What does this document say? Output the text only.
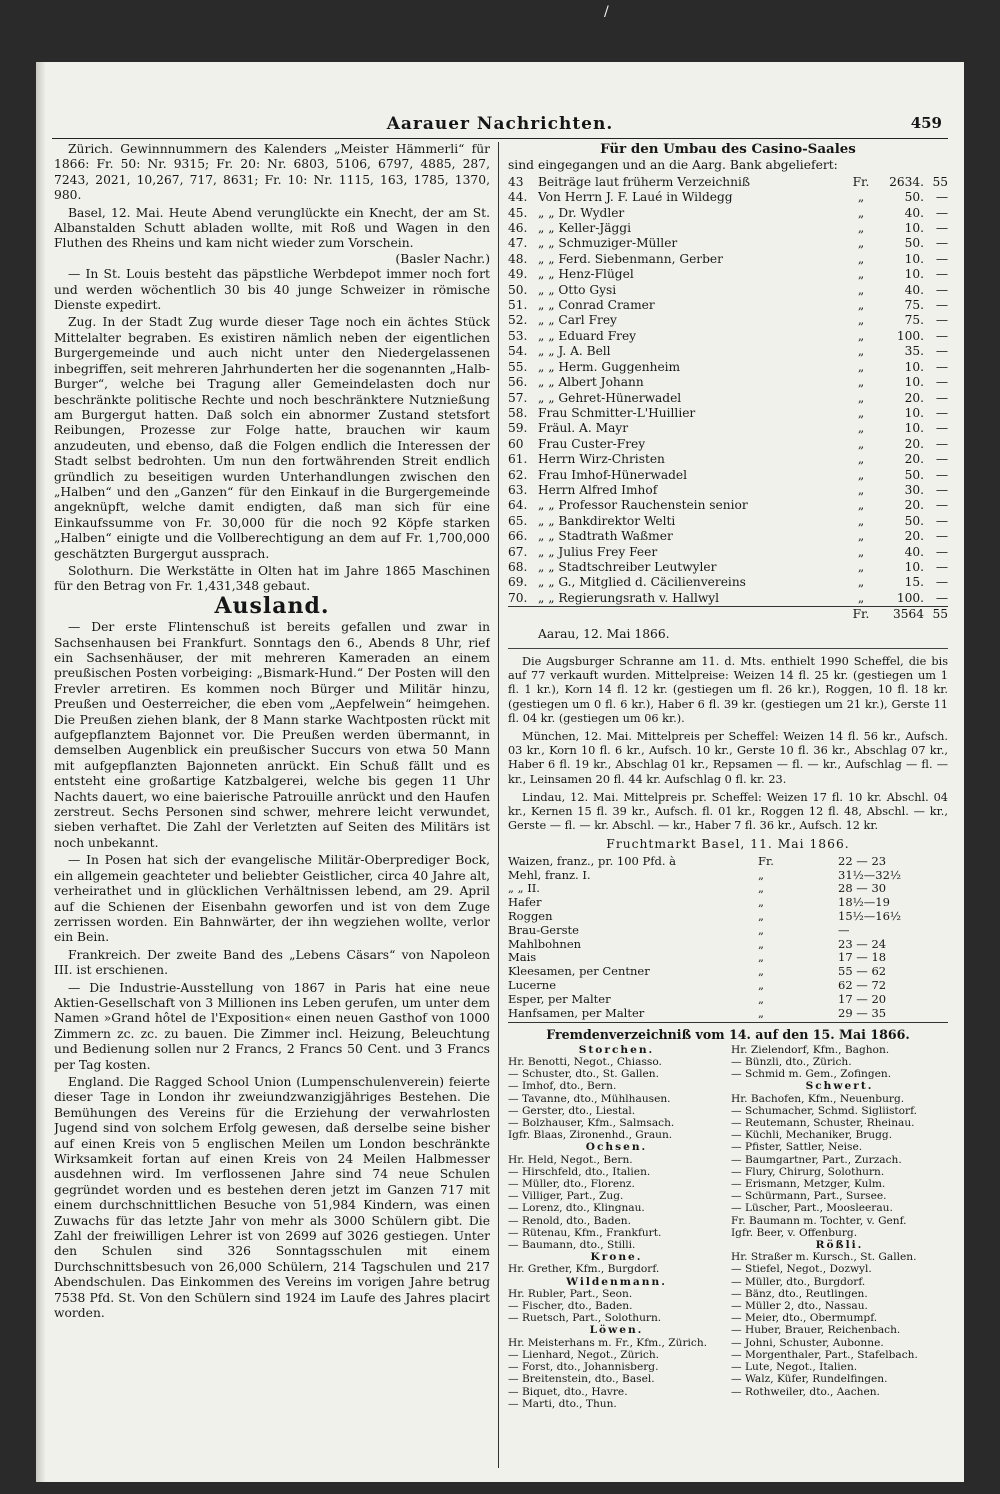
Aarauer Nachrichten.	459

Zürich. Gewinnnummern des Kalenders „Meister Hämmerli“ für 1866: Fr. 50: Nr. 9315; Fr. 20: Nr. 6803, 5106, 6797, 4885, 287, 7243, 2021, 10,267, 717, 8631; Fr. 10: Nr. 1115, 163, 1785, 1370, 980.

Basel, 12. Mai. Heute Abend verunglückte ein Knecht, der am St. Albanstalden Schutt abladen wollte, mit Roß und Wagen in den Fluthen des Rheins und kam nicht wieder zum Vorschein.

(Basler Nachr.)

— In St. Louis besteht das päpstliche Werbdepot immer noch fort und werden wöchentlich 30 bis 40 junge Schweizer in römische Dienste expedirt.

Zug. In der Stadt Zug wurde dieser Tage noch ein ächtes Stück Mittelalter begraben. Es existiren nämlich neben der eigentlichen Burgergemeinde und auch nicht unter den Niedergelassenen inbegriffen, seit mehreren Jahrhunderten her die sogenannten „Halb-Burger“, welche bei Tragung aller Gemeindelasten doch nur beschränkte politische Rechte und noch beschränktere Nutznießung am Burgergut hatten. Daß solch ein abnormer Zustand stetsfort Reibungen, Prozesse zur Folge hatte, brauchen wir kaum anzudeuten, und ebenso, daß die Folgen endlich die Interessen der Stadt selbst bedrohten. Um nun den fortwährenden Streit endlich gründlich zu beseitigen wurden Unterhandlungen zwischen den „Halben“ und den „Ganzen“ für den Einkauf in die Burgergemeinde angeknüpft, welche damit endigten, daß man sich für eine Einkaufssumme von Fr. 30,000 für die noch 92 Köpfe starken „Halben“ einigte und die Vollberechtigung an dem auf Fr. 1,700,000 geschätzten Burgergut aussprach.

Solothurn. Die Werkstätte in Olten hat im Jahre 1865 Maschinen für den Betrag von Fr. 1,431,348 gebaut.

Ausland.

— Der erste Flintenschuß ist bereits gefallen und zwar in Sachsenhausen bei Frankfurt. Sonntags den 6., Abends 8 Uhr, rief ein Sachsenhäuser, der mit mehreren Kameraden an einem preußischen Posten vorbeiging: „Bismark-Hund.“ Der Posten will den Frevler arretiren. Es kommen noch Bürger und Militär hinzu, Preußen und Oesterreicher, die eben vom „Aepfelwein“ heimgehen. Die Preußen ziehen blank, der 8 Mann starke Wachtposten rückt mit aufgepflanztem Bajonnet vor. Die Preußen werden übermannt, in demselben Augenblick ein preußischer Succurs von etwa 50 Mann mit aufgepflanzten Bajonneten anrückt. Ein Schuß fällt und es entsteht eine großartige Katzbalgerei, welche bis gegen 11 Uhr Nachts dauert, wo eine baierische Patrouille anrückt und den Haufen zerstreut. Sechs Personen sind schwer, mehrere leicht verwundet, sieben verhaftet. Die Zahl der Verletzten auf Seiten des Militärs ist noch unbekannt.

— In Posen hat sich der evangelische Militär-Oberprediger Bock, ein allgemein geachteter und beliebter Geistlicher, circa 40 Jahre alt, verheirathet und in glücklichen Verhältnissen lebend, am 29. April auf die Schienen der Eisenbahn geworfen und ist von dem Zuge zerrissen worden. Ein Bahnwärter, der ihn wegziehen wollte, verlor ein Bein.

Frankreich. Der zweite Band des „Lebens Cäsars“ von Napoleon III. ist erschienen.

— Die Industrie-Ausstellung von 1867 in Paris hat eine neue Aktien-Gesellschaft von 3 Millionen ins Leben gerufen, um unter dem Namen »Grand hôtel de l'Exposition« einen neuen Gasthof von 1000 Zimmern zc. zc. zu bauen. Die Zimmer incl. Heizung, Beleuchtung und Bedienung sollen nur 2 Francs, 2 Francs 50 Cent. und 3 Francs per Tag kosten.

England. Die Ragged School Union (Lumpenschulenverein) feierte dieser Tage in London ihr zweiundzwanzigjähriges Bestehen. Die Bemühungen des Vereins für die Erziehung der verwahrlosten Jugend sind von solchem Erfolg gewesen, daß derselbe seine bisher auf einen Kreis von 5 englischen Meilen um London beschränkte Wirksamkeit fortan auf einen Kreis von 24 Meilen Halbmesser ausdehnen wird. Im verflossenen Jahre sind 74 neue Schulen gegründet worden und es bestehen deren jetzt im Ganzen 717 mit einem durchschnittlichen Besuche von 51,984 Kindern, was einen Zuwachs für das letzte Jahr von mehr als 3000 Schülern gibt. Die Zahl der freiwilligen Lehrer ist von 2699 auf 3026 gestiegen. Unter den Schulen sind 326 Sonntagsschulen mit einem Durchschnittsbesuch von 26,000 Schülern, 214 Tagschulen und 217 Abendschulen. Das Einkommen des Vereins im vorigen Jahre betrug 7538 Pfd. St. Von den Schülern sind 1924 im Laufe des Jahres placirt worden.

Für den Umbau des Casino-Saales
sind eingegangen und an die Aarg. Bank abgeliefert:
43	Beiträge laut früherm Verzeichniß	Fr.	2634.	55
44.	Von Herrn J. F. Laué in Wildegg	„	50.	—
45.	„ „ Dr. Wydler	„	40.	—
46.	„ „ Keller-Jäggi	„	10.	—
47.	„ „ Schmuziger-Müller	„	50.	—
48.	„ „ Ferd. Siebenmann, Gerber	„	10.	—
49.	„ „ Henz-Flügel	„	10.	—
50.	„ „ Otto Gysi	„	40.	—
51.	„ „ Conrad Cramer	„	75.	—
52.	„ „ Carl Frey	„	75.	—
53.	„ „ Eduard Frey	„	100.	—
54.	„ „ J. A. Bell	„	35.	—
55.	„ „ Herm. Guggenheim	„	10.	—
56.	„ „ Albert Johann	„	10.	—
57.	„ „ Gehret-Hünerwadel	„	20.	—
58.	Frau Schmitter-L'Huillier	„	10.	—
59.	Fräul. A. Mayr	„	10.	—
60	Frau Custer-Frey	„	20.	—
61.	Herrn Wirz-Christen	„	20.	—
62.	Frau Imhof-Hünerwadel	„	50.	—
63.	Herrn Alfred Imhof	„	30.	—
64.	„ „ Professor Rauchenstein senior	„	20.	—
65.	„ „ Bankdirektor Welti	„	50.	—
66.	„ „ Stadtrath Waßmer	„	20.	—
67.	„ „ Julius Frey Feer	„	40.	—
68.	„ „ Stadtschreiber Leutwyler	„	10.	—
69.	„ „ G., Mitglied d. Cäcilienvereins	„	15.	—
70.	„ „ Regierungsrath v. Hallwyl	„	100.	—
		Fr.	3564	55
Aarau, 12. Mai 1866.

Die Augsburger Schranne am 11. d. Mts. enthielt 1990 Scheffel, die bis auf 77 verkauft wurden. Mittelpreise: Weizen 14 fl. 25 kr. (gestiegen um 1 fl. 1 kr.), Korn 14 fl. 12 kr. (gestiegen um fl. 26 kr.), Roggen, 10 fl. 18 kr. (gestiegen um 0 fl. 6 kr.), Haber 6 fl. 39 kr. (gestiegen um 21 kr.), Gerste 11 fl. 04 kr. (gestiegen um 06 kr.).

München, 12. Mai. Mittelpreis per Scheffel: Weizen 14 fl. 56 kr., Aufsch. 03 kr., Korn 10 fl. 6 kr., Aufsch. 10 kr., Gerste 10 fl. 36 kr., Abschlag 07 kr., Haber 6 fl. 19 kr., Abschlag 01 kr., Repsamen — fl. — kr., Aufschlag — fl. — kr., Leinsamen 20 fl. 44 kr. Aufschlag 0 fl. kr. 23.

Lindau, 12. Mai. Mittelpreis pr. Scheffel: Weizen 17 fl. 10 kr. Abschl. 04 kr., Kernen 15 fl. 39 kr., Aufsch. fl. 01 kr., Roggen 12 fl. 48, Abschl. — kr., Gerste — fl. — kr. Abschl. — kr., Haber 7 fl. 36 kr., Aufsch. 12 kr.

Fruchtmarkt Basel, 11. Mai 1866.
Waizen, franz., pr. 100 Pfd. à	Fr.	22 — 23
Mehl, franz. I.	„	31½—32½
„ „ II.	„	28 — 30
Hafer	„	18½—19
Roggen	„	15½—16½
Brau-Gerste	„	—
Mahlbohnen	„	23 — 24
Mais	„	17 — 18
Kleesamen, per Centner	„	55 — 62
Lucerne	„	62 — 72
Esper, per Malter	„	17 — 20
Hanfsamen, per Malter	„	29 — 35
Fremdenverzeichniß vom 14. auf den 15. Mai 1866.
Storchen.
Hr. Benotti, Negot., Chiasso.
— Schuster, dto., St. Gallen.
— Imhof, dto., Bern.
— Tavanne, dto., Mühlhausen.
— Gerster, dto., Liestal.
— Bolzhauser, Kfm., Salmsach.
Igfr. Blaas, Zironenhd., Graun.
Ochsen.
Hr. Held, Negot., Bern.
— Hirschfeld, dto., Italien.
— Müller, dto., Florenz.
— Villiger, Part., Zug.
— Lorenz, dto., Klingnau.
— Renold, dto., Baden.
— Rütenau, Kfm., Frankfurt.
— Baumann, dto., Stilli.
Krone.
Hr. Grether, Kfm., Burgdorf.
Wildenmann.
Hr. Rubler, Part., Seon.
— Fischer, dto., Baden.
— Ruetsch, Part., Solothurn.
Löwen.
Hr. Meisterhans m. Fr., Kfm., Zürich.
— Lienhard, Negot., Zürich.
— Forst, dto., Johannisberg.
— Breitenstein, dto., Basel.
— Biquet, dto., Havre.
— Marti, dto., Thun.
Hr. Zielendorf, Kfm., Baghon.
— Bünzli, dto., Zürich.
— Schmid m. Gem., Zofingen.
Schwert.
Hr. Bachofen, Kfm., Neuenburg.
— Schumacher, Schmd. Sigliistorf.
— Reutemann, Schuster, Rheinau.
— Küchli, Mechaniker, Brugg.
— Pfister, Sattler, Neise.
— Baumgartner, Part., Zurzach.
— Flury, Chirurg, Solothurn.
— Erismann, Metzger, Kulm.
— Schürmann, Part., Sursee.
— Lüscher, Part., Moosleerau.
Fr. Baumann m. Tochter, v. Genf.
Igfr. Beer, v. Offenburg.
Rößli.
Hr. Straßer m. Kursch., St. Gallen.
— Stiefel, Negot., Dozwyl.
— Müller, dto., Burgdorf.
— Bänz, dto., Reutlingen.
— Müller 2, dto., Nassau.
— Meier, dto., Obermumpf.
— Huber, Brauer, Reichenbach.
— Johni, Schuster, Aubonne.
— Morgenthaler, Part., Stafelbach.
— Lute, Negot., Italien.
— Walz, Küfer, Rundelfingen.
— Rothweiler, dto., Aachen.
/
